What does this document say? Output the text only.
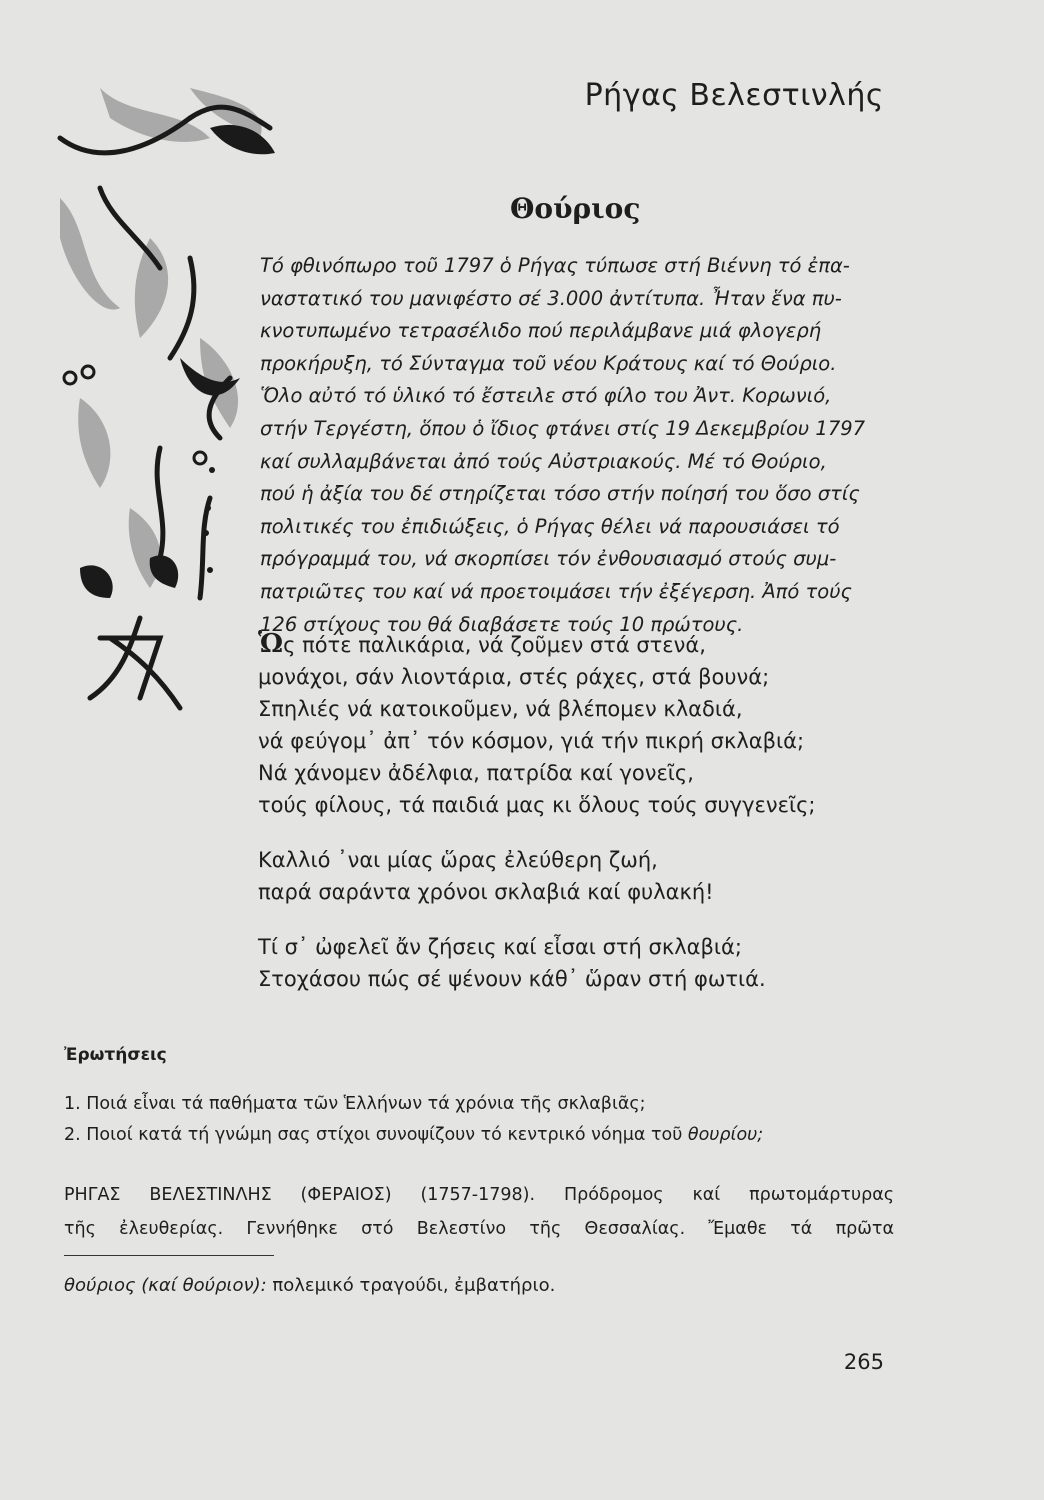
Ρήγας Βελεστινλής
Θούριος

Τό φθινόπωρο τοῦ 1797 ὁ Ρήγας τύπωσε στή Βιέννη τό ἐπα-
ναστατικό του μανιφέστο σέ 3.000 ἀντίτυπα. Ἦταν ἕνα πυ-
κνοτυπωμένο τετρασέλιδο πού περιλάμβανε μιά φλογερή
προκήρυξη, τό Σύνταγμα τοῦ νέου Κράτους καί τό Θούριο.
Ὅλο αὐτό τό ὑλικό τό ἔστειλε στό φίλο του Ἀντ. Κορωνιό,
στήν Τεργέστη, ὅπου ὁ ἴδιος φτάνει στίς 19 Δεκεμβρίου 1797
καί συλλαμβάνεται ἀπό τούς Αὐστριακούς. Μέ τό Θούριο,
πού ἡ ἀξία του δέ στηρίζεται τόσο στήν ποίησή του ὅσο στίς
πολιτικές του ἐπιδιώξεις, ὁ Ρήγας θέλει νά παρουσιάσει τό
πρόγραμμά του, νά σκορπίσει τόν ἐνθουσιασμό στούς συμ-
πατριῶτες του καί νά προετοιμάσει τήν ἐξέγερση. Ἀπό τούς
126 στίχους του θά διαβάσετε τούς 10 πρώτους.

Ὡς πότε παλικάρια, νά ζοῦμεν στά στενά,

μονάχοι, σάν λιοντάρια, στές ράχες, στά βουνά;

Σπηλιές νά κατοικοῦμεν, νά βλέπομεν κλαδιά,

νά φεύγομ᾿ ἀπ᾿ τόν κόσμον, γιά τήν πικρή σκλαβιά;

Νά χάνομεν ἀδέλφια, πατρίδα καί γονεῖς,

τούς φίλους, τά παιδιά μας κι ὅλους τούς συγγενεῖς;

Καλλιό ᾿ναι μίας ὥρας ἐλεύθερη ζωή,

παρά σαράντα χρόνοι σκλαβιά καί φυλακή!

Τί σ᾿ ὠφελεῖ ἄν ζήσεις καί εἶσαι στή σκλαβιά;

Στοχάσου πώς σέ ψένουν κάθ᾿ ὥραν στή φωτιά.

Ἐρωτήσεις

1. Ποιά εἶναι τά παθήματα τῶν Ἑλλήνων τά χρόνια τῆς σκλαβιᾶς;

2. Ποιοί κατά τή γνώμη σας στίχοι συνοψίζουν τό κεντρικό νόημα τοῦ θουρίου;

ΡΗΓΑΣ ΒΕΛΕΣΤΙΝΛΗΣ (ΦΕΡΑΙΟΣ) (1757-1798). Πρόδρομος καί πρωτομάρτυρας
τῆς ἐλευθερίας. Γεννήθηκε στό Βελεστίνο τῆς Θεσσαλίας. Ἔμαθε τά πρῶτα

θούριος (καί θούριον): πολεμικό τραγούδι, ἐμβατήριο.

265
